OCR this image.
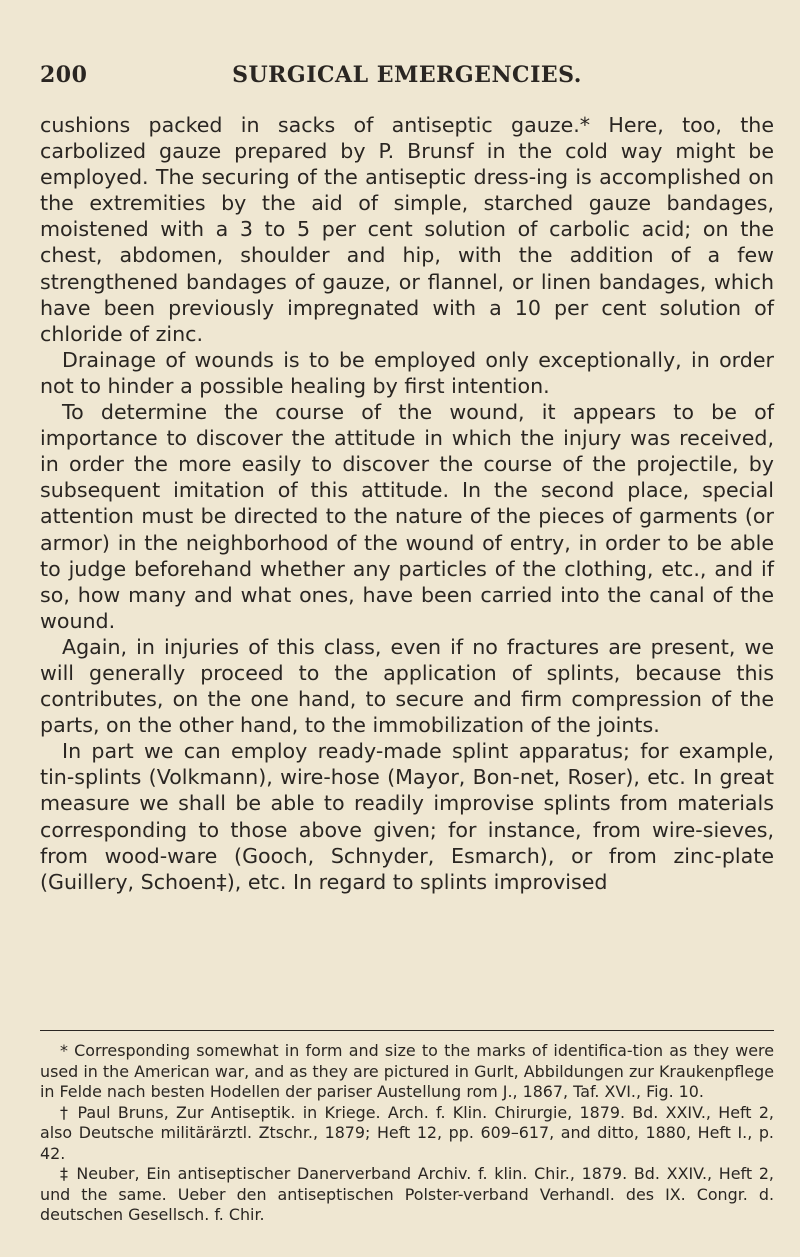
200	SURGICAL EMERGENCIES.

cushions packed in sacks of antiseptic gauze.* Here, too, the carbolized gauze prepared by P. Brunsf in the cold way might be employed. The securing of the antiseptic dress-ing is accomplished on the extremities by the aid of simple, starched gauze bandages, moistened with a 3 to 5 per cent solution of carbolic acid; on the chest, abdomen, shoulder and hip, with the addition of a few strengthened bandages of gauze, or flannel, or linen bandages, which have been previously impregnated with a 10 per cent solution of chloride of zinc.

Drainage of wounds is to be employed only exceptionally, in order not to hinder a possible healing by first intention.

To determine the course of the wound, it appears to be of importance to discover the attitude in which the injury was received, in order the more easily to discover the course of the projectile, by subsequent imitation of this attitude. In the second place, special attention must be directed to the nature of the pieces of garments (or armor) in the neighborhood of the wound of entry, in order to be able to judge beforehand whether any particles of the clothing, etc., and if so, how many and what ones, have been carried into the canal of the wound.

Again, in injuries of this class, even if no fractures are present, we will generally proceed to the application of splints, because this contributes, on the one hand, to secure and firm compression of the parts, on the other hand, to the immobilization of the joints.

In part we can employ ready-made splint apparatus; for example, tin-splints (Volkmann), wire-hose (Mayor, Bon-net, Roser), etc. In great measure we shall be able to readily improvise splints from materials corresponding to those above given; for instance, from wire-sieves, from wood-ware (Gooch, Schnyder, Esmarch), or from zinc-plate (Guillery, Schoen‡), etc. In regard to splints improvised

* Corresponding somewhat in form and size to the marks of identifica-tion as they were used in the American war, and as they are pictured in Gurlt, Abbildungen zur Kraukenpflege in Felde nach besten Hodellen der pariser Austellung rom J., 1867, Taf. XVI., Fig. 10.

† Paul Bruns, Zur Antiseptik. in Kriege. Arch. f. Klin. Chirurgie, 1879. Bd. XXIV., Heft 2, also Deutsche militärärztl. Ztschr., 1879; Heft 12, pp. 609–617, and ditto, 1880, Heft I., p. 42.

‡ Neuber, Ein antiseptischer Danerverband Archiv. f. klin. Chir., 1879. Bd. XXIV., Heft 2, und the same. Ueber den antiseptischen Polster-verband Verhandl. des IX. Congr. d. deutschen Gesellsch. f. Chir.
